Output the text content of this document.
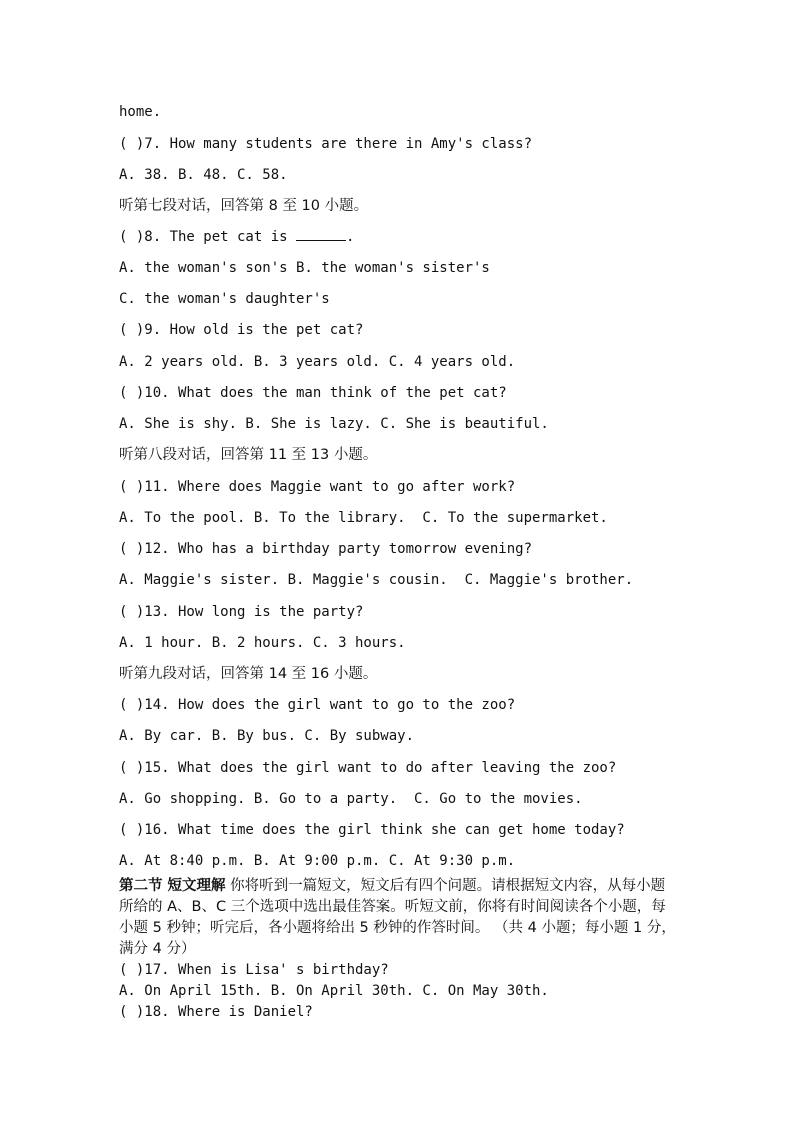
home.
( )7. How many students are there in Amy's class?
A. 38. B. 48. C. 58.
听第七段对话，回答第 8 至 10 小题。
( )8. The pet cat is	.
A. the woman's son's B. the woman's sister's
C. the woman's daughter's
( )9. How old is the pet cat?
A. 2 years old. B. 3 years old. C. 4 years old.
( )10. What does the man think of the pet cat?
A. She is shy. B. She is lazy. C. She is beautiful.
听第八段对话，回答第 11 至 13 小题。
( )11. Where does Maggie want to go after work?
A. To the pool. B. To the library.  C. To the supermarket.
( )12. Who has a birthday party tomorrow evening?
A. Maggie's sister. B. Maggie's cousin.  C. Maggie's brother.
( )13. How long is the party?
A. 1 hour. B. 2 hours. C. 3 hours.
听第九段对话，回答第 14 至 16 小题。
( )14. How does the girl want to go to the zoo?
A. By car. B. By bus. C. By subway.
( )15. What does the girl want to do after leaving the zoo?
A. Go shopping. B. Go to a party.  C. Go to the movies.
( )16. What time does the girl think she can get home today?
A. At 8:40 p.m. B. At 9:00 p.m. C. At 9:30 p.m.
第二节 短文理解 你将听到一篇短文，短文后有四个问题。请根据短文内容，从每小题所给的 A、B、C 三个选项中选出最佳答案。听短文前，你将有时间阅读各个小题，每小题 5 秒钟；听完后，各小题将给出 5 秒钟的作答时间。 （共 4 小题；每小题 1 分，满分 4 分）
( )17. When is Lisa' s birthday?
A. On April 15th. B. On April 30th. C. On May 30th.
( )18. Where is Daniel?
